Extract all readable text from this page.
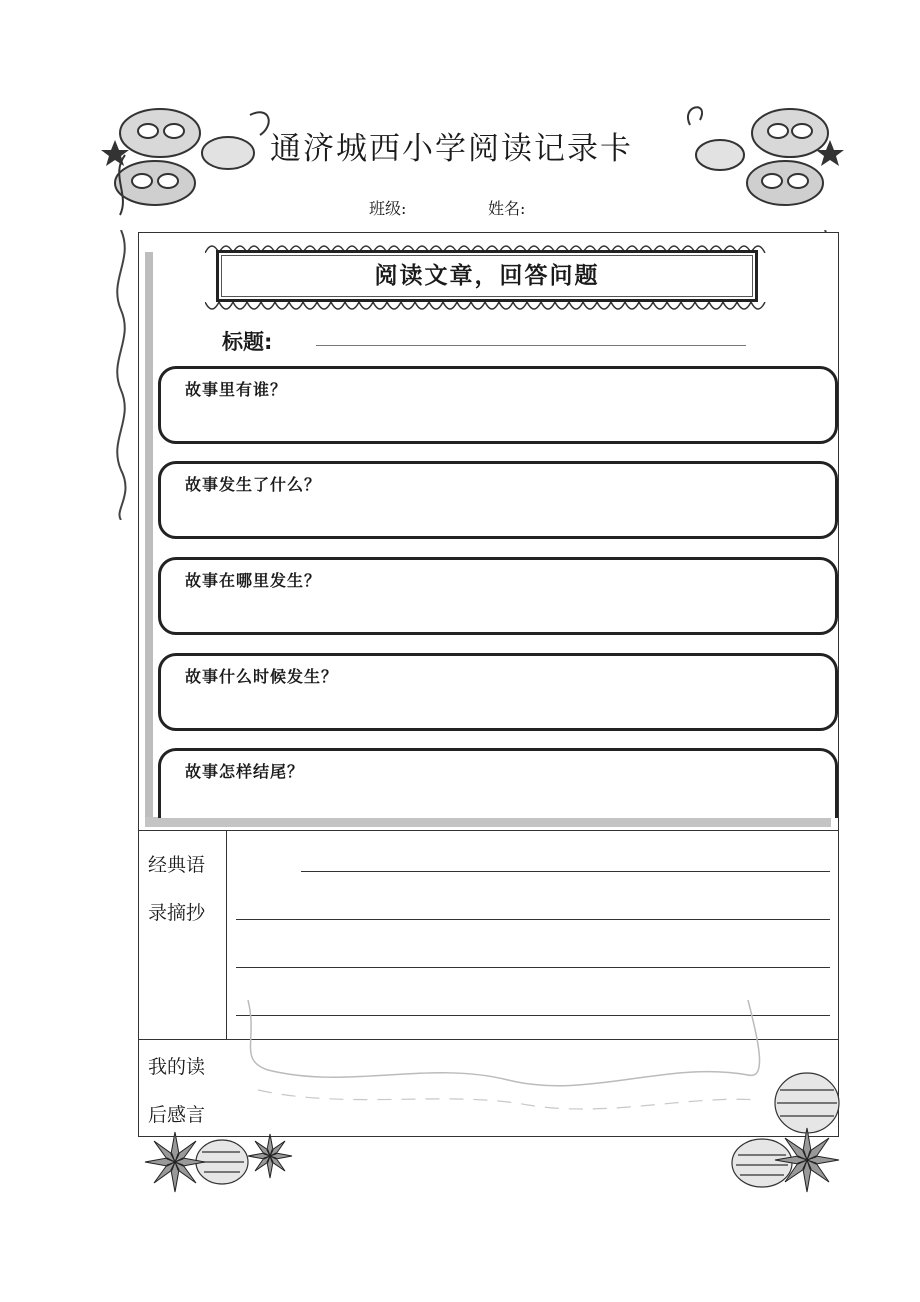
通济城西小学阅读记录卡
班级:	姓名:
阅读文章，回答问题
标题:
故事里有谁？
故事发生了什么？
故事在哪里发生？
故事什么时候发生？
故事怎样结尾？
经典语
录摘抄
我的读
后感言
